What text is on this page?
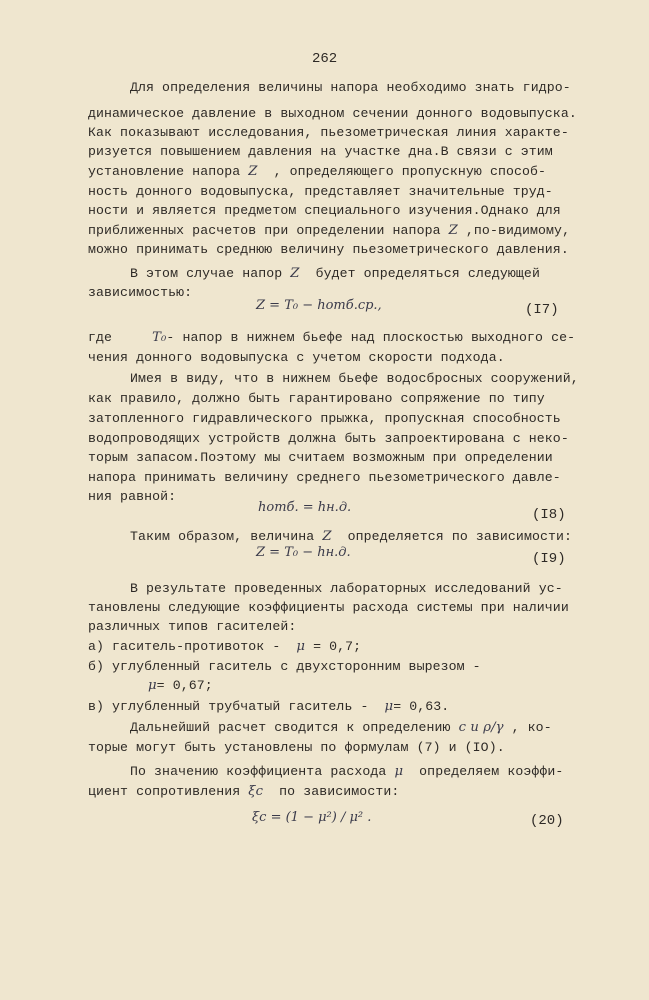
262

Для определения величины напора необходимо знать гидро-

динамическое давление в выходном сечении донного водовыпуска.

Как показывают исследования, пьезометрическая линия характе-

ризуется повышением давления на участке дна.В связи с этим

установление напора Z , определяющего пропускную способ-

ность донного водовыпуска, представляет значительные труд-

ности и является предметом специального изучения.Однако для

приближенных расчетов при определении напора Z ,по-видимому,

можно принимать среднюю величину пьезометрического давления.

В этом случае напор Z будет определяться следующей

зависимостью:

Z = T₀ − hотб.ср.,	(I7)

где	T₀- напор в нижнем бьефе над плоскостью выходного се-

чения донного водовыпуска с учетом скорости подхода.

Имея в виду, что в нижнем бьефе водосбросных сооружений,

как правило, должно быть гарантировано сопряжение по типу

затопленного гидравлического прыжка, пропускная способность

водопроводящих устройств должна быть запроектирована с неко-

торым запасом.Поэтому мы считаем возможным при определении

напора принимать величину среднего пьезометрического давле-

ния равной:

hотб. = hн.д.	(I8)

Таким образом, величина Z определяется по зависимости:

Z = T₀ − hн.д.	(I9)

В результате проведенных лабораторных исследований ус-

тановлены следующие коэффициенты расхода системы при наличии

различных типов гасителей:

а) гаситель-противоток - μ = 0,7;

б) углубленный гаситель с двухсторонним вырезом -

μ= 0,67;

в) углубленный трубчатый гаситель - μ= 0,63.

Дальнейший расчет сводится к определению c и ρ/γ , ко-

торые могут быть установлены по формулам (7) и (IO).

По значению коэффициента расхода μ определяем коэффи-

циент сопротивления ξc по зависимости:

ξc = (1 − μ²) / μ² .	(20)
